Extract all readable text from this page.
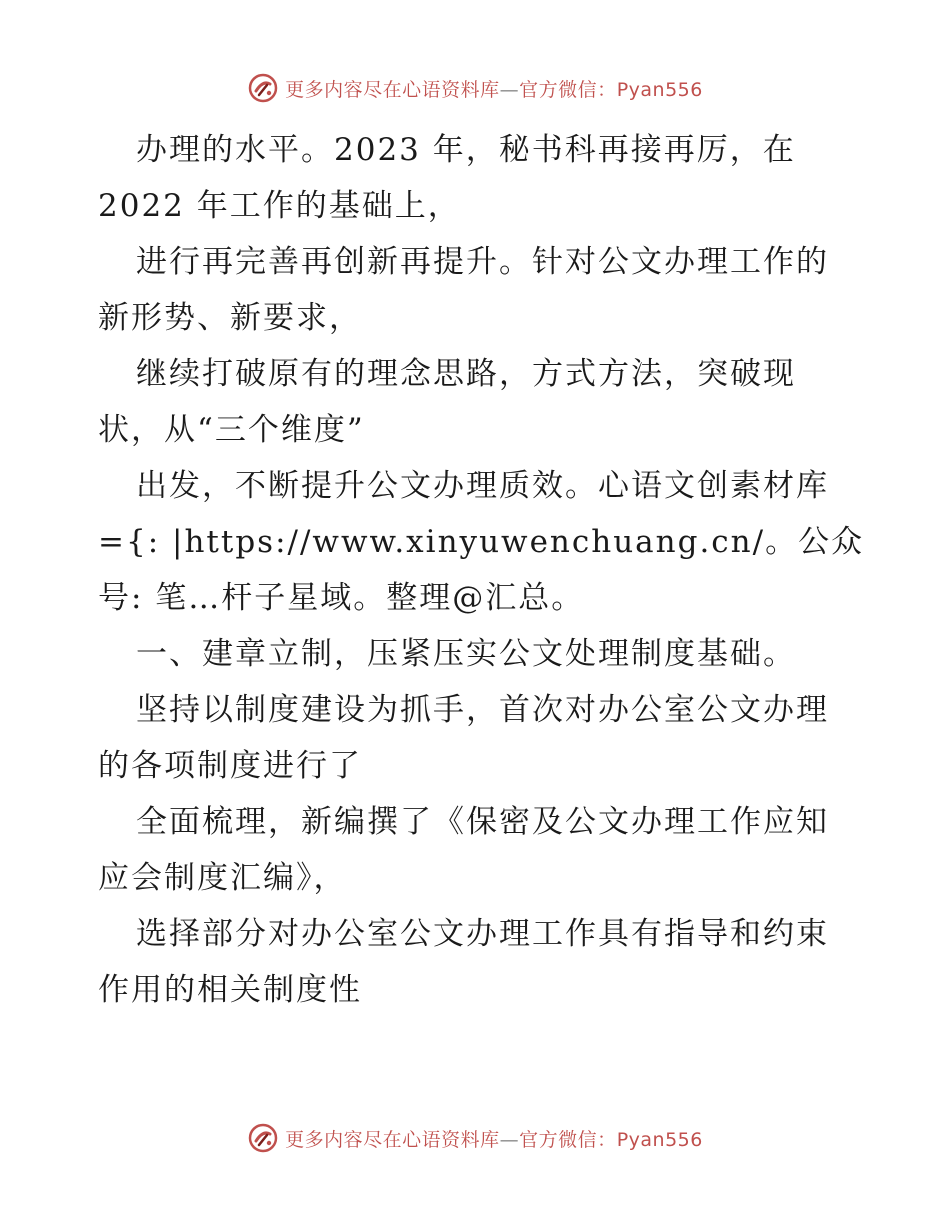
更多内容尽在心语资料库—官方微信：Pyan556
办理的水平。2023 年，秘书科再接再厉，在
2022 年工作的基础上，
进行再完善再创新再提升。针对公文办理工作的
新形势、新要求，
继续打破原有的理念思路，方式方法，突破现
状，从“三个维度”
出发，不断提升公文办理质效。心语文创素材库
={: |https://www.xinyuwenchuang.cn/。公众
号: 笔…杆子星域。整理@汇总。
一、建章立制，压紧压实公文处理制度基础。
坚持以制度建设为抓手，首次对办公室公文办理
的各项制度进行了
全面梳理，新编撰了《保密及公文办理工作应知
应会制度汇编》，
选择部分对办公室公文办理工作具有指导和约束
作用的相关制度性
更多内容尽在心语资料库—官方微信：Pyan556
